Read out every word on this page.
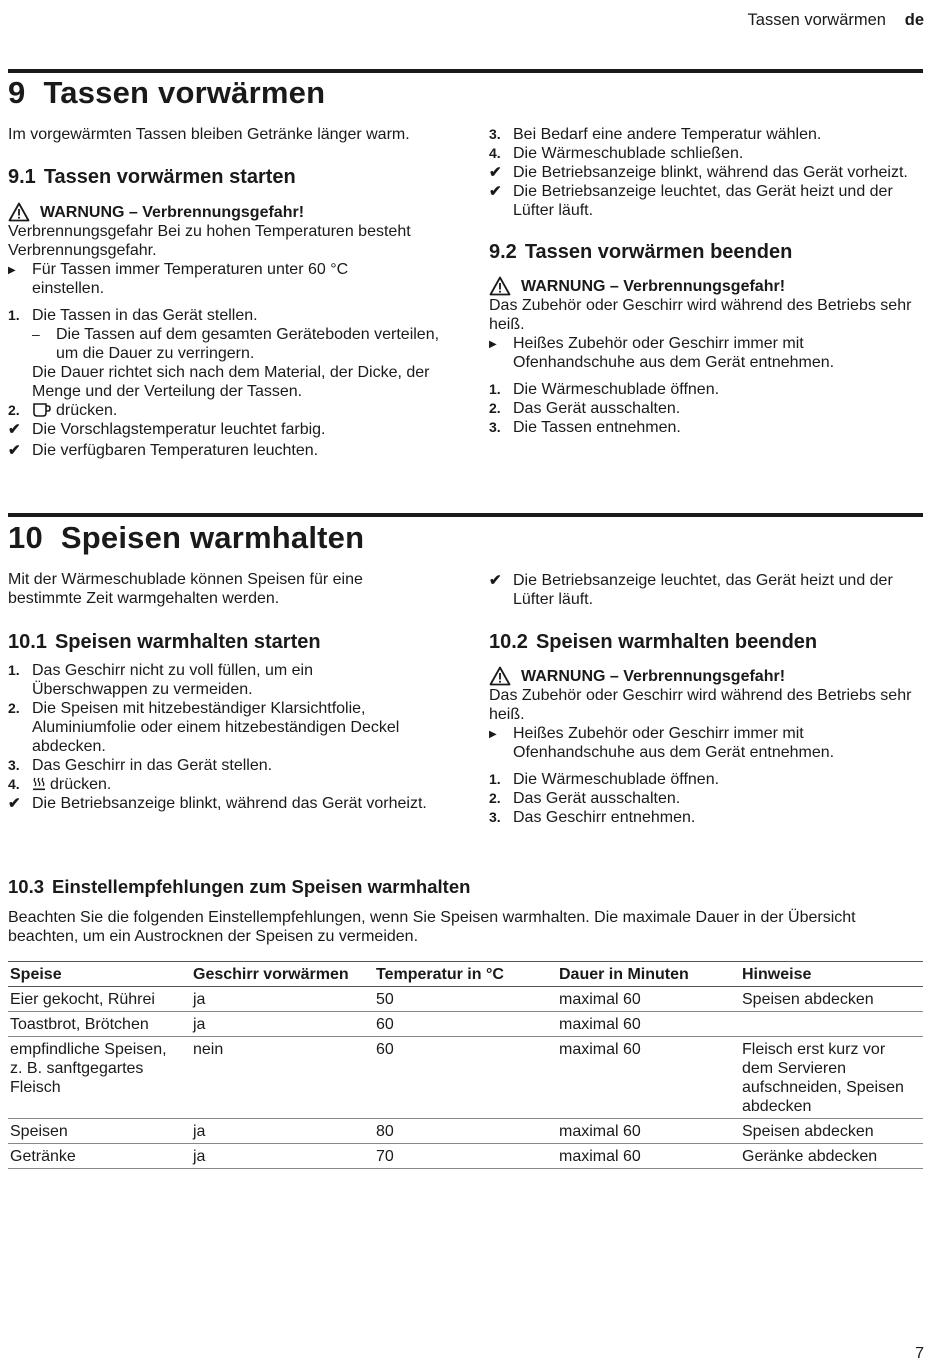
Tassen vorwärmen de
9 Tassen vorwärmen

Im vorgewärmten Tassen bleiben Getränke länger warm.

9.1 Tassen vorwärmen starten
WARNUNG – Verbrennungsgefahr!

Verbrennungsgefahr Bei zu hohen Temperaturen besteht Verbrennungsgefahr.

▶	Für Tassen immer Temperaturen unter 60 °C einstellen.
1. Die Tassen in das Gerät stellen.
–	Die Tassen auf dem gesamten Geräteboden verteilen, um die Dauer zu verringern.
Die Dauer richtet sich nach dem Material, der Dicke, der Menge und der Verteilung der Tassen.
2.	drücken.
✔ Die Vorschlagstemperatur leuchtet farbig.
✔ Die verfügbaren Temperaturen leuchten.
3. Bei Bedarf eine andere Temperatur wählen.
4. Die Wärmeschublade schließen.
✔ Die Betriebsanzeige blinkt, während das Gerät vorheizt.
✔ Die Betriebsanzeige leuchtet, das Gerät heizt und der Lüfter läuft.
9.2 Tassen vorwärmen beenden
WARNUNG – Verbrennungsgefahr!

Das Zubehör oder Geschirr wird während des Betriebs sehr heiß.

▶	Heißes Zubehör oder Geschirr immer mit Ofenhandschuhe aus dem Gerät entnehmen.
1. Die Wärmeschublade öffnen.
2. Das Gerät ausschalten.
3. Die Tassen entnehmen.
10 Speisen warmhalten

Mit der Wärmeschublade können Speisen für eine bestimmte Zeit warmgehalten werden.

10.1 Speisen warmhalten starten
1. Das Geschirr nicht zu voll füllen, um ein Überschwappen zu vermeiden.
2. Die Speisen mit hitzebeständiger Klarsichtfolie, Aluminiumfolie oder einem hitzebeständigen Deckel abdecken.
3. Das Geschirr in das Gerät stellen.
4.	drücken.
✔ Die Betriebsanzeige blinkt, während das Gerät vorheizt.
✔ Die Betriebsanzeige leuchtet, das Gerät heizt und der Lüfter läuft.
10.2 Speisen warmhalten beenden
WARNUNG – Verbrennungsgefahr!

Das Zubehör oder Geschirr wird während des Betriebs sehr heiß.

▶	Heißes Zubehör oder Geschirr immer mit Ofenhandschuhe aus dem Gerät entnehmen.
1. Die Wärmeschublade öffnen.
2. Das Gerät ausschalten.
3. Das Geschirr entnehmen.
10.3 Einstellempfehlungen zum Speisen warmhalten

Beachten Sie die folgenden Einstellempfehlungen, wenn Sie Speisen warmhalten. Die maximale Dauer in der Übersicht beachten, um ein Austrocknen der Speisen zu vermeiden.

Speise	Geschirr vorwärmen	Temperatur in °C	Dauer in Minuten	Hinweise
Eier gekocht, Rührei	ja	50	maximal 60	Speisen abdecken
Toastbrot, Brötchen	ja	60	maximal 60	
empfindliche Speisen, z. B. sanftgegartes Fleisch	nein	60	maximal 60	Fleisch erst kurz vor dem Servieren aufschneiden, Speisen abdecken
Speisen	ja	80	maximal 60	Speisen abdecken
Getränke	ja	70	maximal 60	Geränke abdecken
7
